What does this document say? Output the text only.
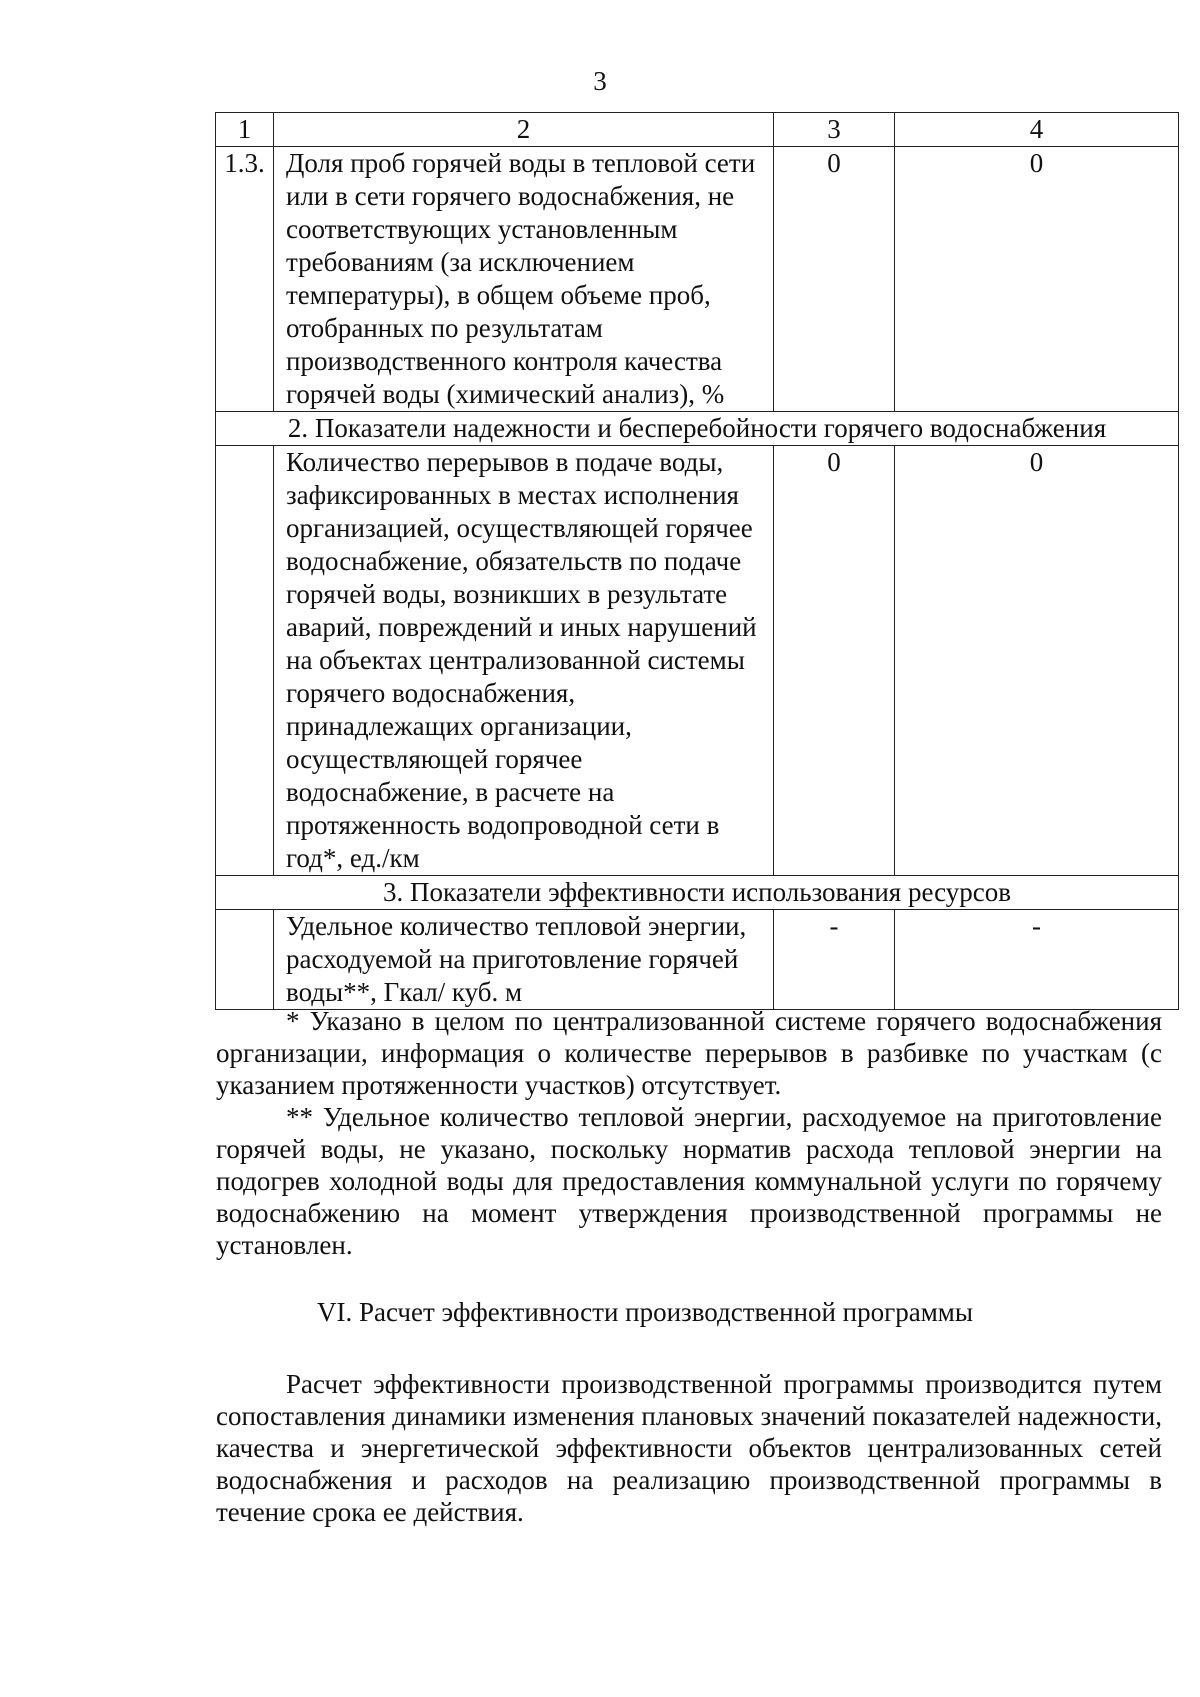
3
1	2	3	4
1.3.	Доля проб горячей воды в тепловой сети или в сети горячего водоснабжения, не соответствующих установленным требованиям (за исключением температуры), в общем объеме проб, отобранных по результатам производственного контроля качества горячей воды (химический анализ), %	0	0
2. Показатели надежности и бесперебойности горячего водоснабжения			
	Количество перерывов в подаче воды, зафиксированных в местах исполнения организацией, осуществляющей горячее водоснабжение, обязательств по подаче горячей воды, возникших в результате аварий, повреждений и иных нарушений на объектах централизованной системы горячего водоснабжения, принадлежащих организации, осуществляющей горячее водоснабжение, в расчете на протяженность водопроводной сети в год*, ед./км	0	0
3. Показатели эффективности использования ресурсов			
	Удельное количество тепловой энергии, расходуемой на приготовление горячей воды**, Гкал/ куб. м	-	-

* Указано в целом по централизованной системе горячего водоснабжения организации, информация о количестве перерывов в разбивке по участкам (с указанием протяженности участков) отсутствует.

** Удельное количество тепловой энергии, расходуемое на приготовление горячей воды, не указано, поскольку норматив расхода тепловой энергии на подогрев холодной воды для предоставления коммунальной услуги по горячему водоснабжению на момент утверждения производственной программы не установлен.

VI. Расчет эффективности производственной программы

Расчет эффективности производственной программы производится путем сопоставления динамики изменения плановых значений показателей надежности, качества и энергетической эффективности объектов централизованных сетей водоснабжения и расходов на реализацию производственной программы в течение срока ее действия.
